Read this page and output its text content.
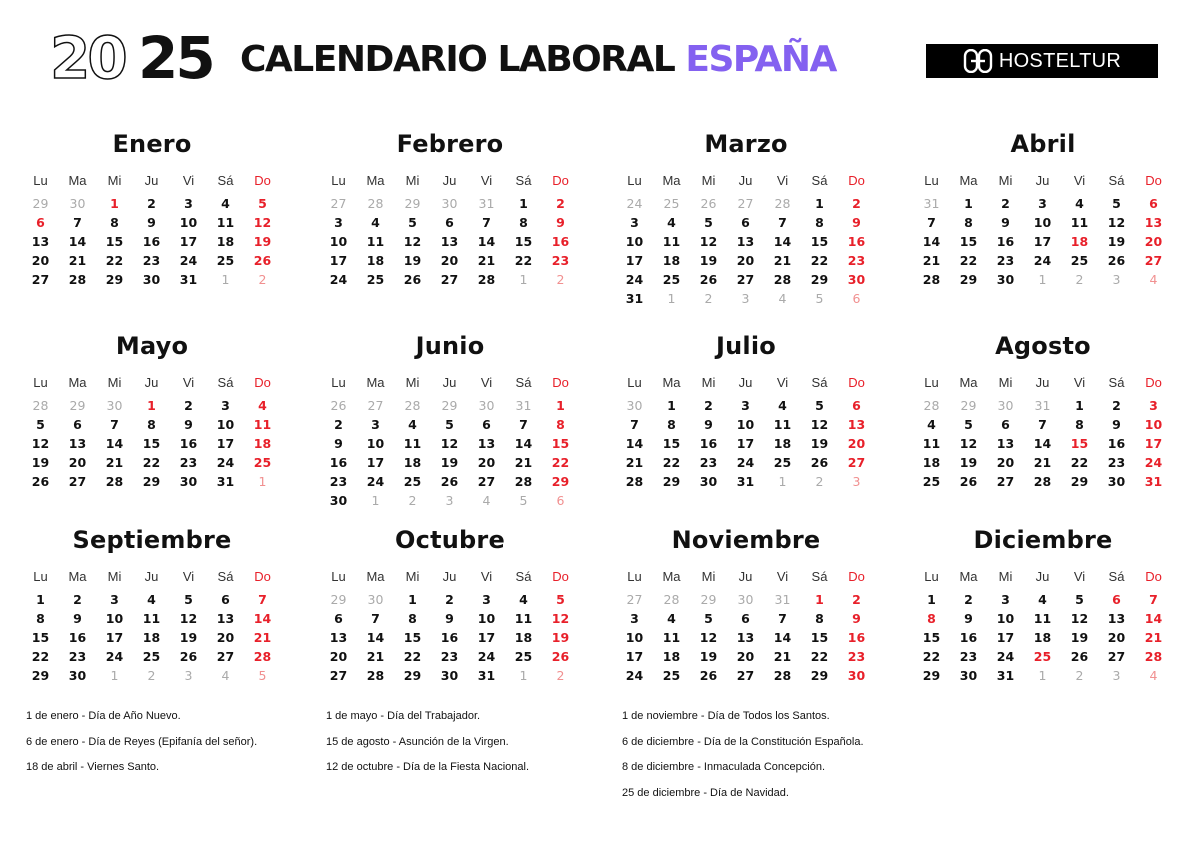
20 25 CALENDARIO LABORAL ESPAÑA	HOSTELTUR
Enero
Lu	Ma	Mi	Ju	Vi	Sá	Do
29	30	1	2	3	4	5
6	7	8	9	10	11	12
13	14	15	16	17	18	19
20	21	22	23	24	25	26
27	28	29	30	31	1	2
Febrero
Lu	Ma	Mi	Ju	Vi	Sá	Do
27	28	29	30	31	1	2
3	4	5	6	7	8	9
10	11	12	13	14	15	16
17	18	19	20	21	22	23
24	25	26	27	28	1	2
Marzo
Lu	Ma	Mi	Ju	Vi	Sá	Do
24	25	26	27	28	1	2
3	4	5	6	7	8	9
10	11	12	13	14	15	16
17	18	19	20	21	22	23
24	25	26	27	28	29	30
31	1	2	3	4	5	6
Abril
Lu	Ma	Mi	Ju	Vi	Sá	Do
31	1	2	3	4	5	6
7	8	9	10	11	12	13
14	15	16	17	18	19	20
21	22	23	24	25	26	27
28	29	30	1	2	3	4
Mayo
Lu	Ma	Mi	Ju	Vi	Sá	Do
28	29	30	1	2	3	4
5	6	7	8	9	10	11
12	13	14	15	16	17	18
19	20	21	22	23	24	25
26	27	28	29	30	31	1
Junio
Lu	Ma	Mi	Ju	Vi	Sá	Do
26	27	28	29	30	31	1
2	3	4	5	6	7	8
9	10	11	12	13	14	15
16	17	18	19	20	21	22
23	24	25	26	27	28	29
30	1	2	3	4	5	6
Julio
Lu	Ma	Mi	Ju	Vi	Sá	Do
30	1	2	3	4	5	6
7	8	9	10	11	12	13
14	15	16	17	18	19	20
21	22	23	24	25	26	27
28	29	30	31	1	2	3
Agosto
Lu	Ma	Mi	Ju	Vi	Sá	Do
28	29	30	31	1	2	3
4	5	6	7	8	9	10
11	12	13	14	15	16	17
18	19	20	21	22	23	24
25	26	27	28	29	30	31
Septiembre
Lu	Ma	Mi	Ju	Vi	Sá	Do
1	2	3	4	5	6	7
8	9	10	11	12	13	14
15	16	17	18	19	20	21
22	23	24	25	26	27	28
29	30	1	2	3	4	5
Octubre
Lu	Ma	Mi	Ju	Vi	Sá	Do
29	30	1	2	3	4	5
6	7	8	9	10	11	12
13	14	15	16	17	18	19
20	21	22	23	24	25	26
27	28	29	30	31	1	2
Noviembre
Lu	Ma	Mi	Ju	Vi	Sá	Do
27	28	29	30	31	1	2
3	4	5	6	7	8	9
10	11	12	13	14	15	16
17	18	19	20	21	22	23
24	25	26	27	28	29	30
Diciembre
Lu	Ma	Mi	Ju	Vi	Sá	Do
1	2	3	4	5	6	7
8	9	10	11	12	13	14
15	16	17	18	19	20	21
22	23	24	25	26	27	28
29	30	31	1	2	3	4
1 de enero - Día de Año Nuevo.
6 de enero - Día de Reyes (Epifanía del señor).
18 de abril - Viernes Santo.
1 de mayo - Día del Trabajador.
15 de agosto - Asunción de la Virgen.
12 de octubre - Día de la Fiesta Nacional.
1 de noviembre - Día de Todos los Santos.
6 de diciembre - Día de la Constitución Española.
8 de diciembre - Inmaculada Concepción.
25 de diciembre - Día de Navidad.
